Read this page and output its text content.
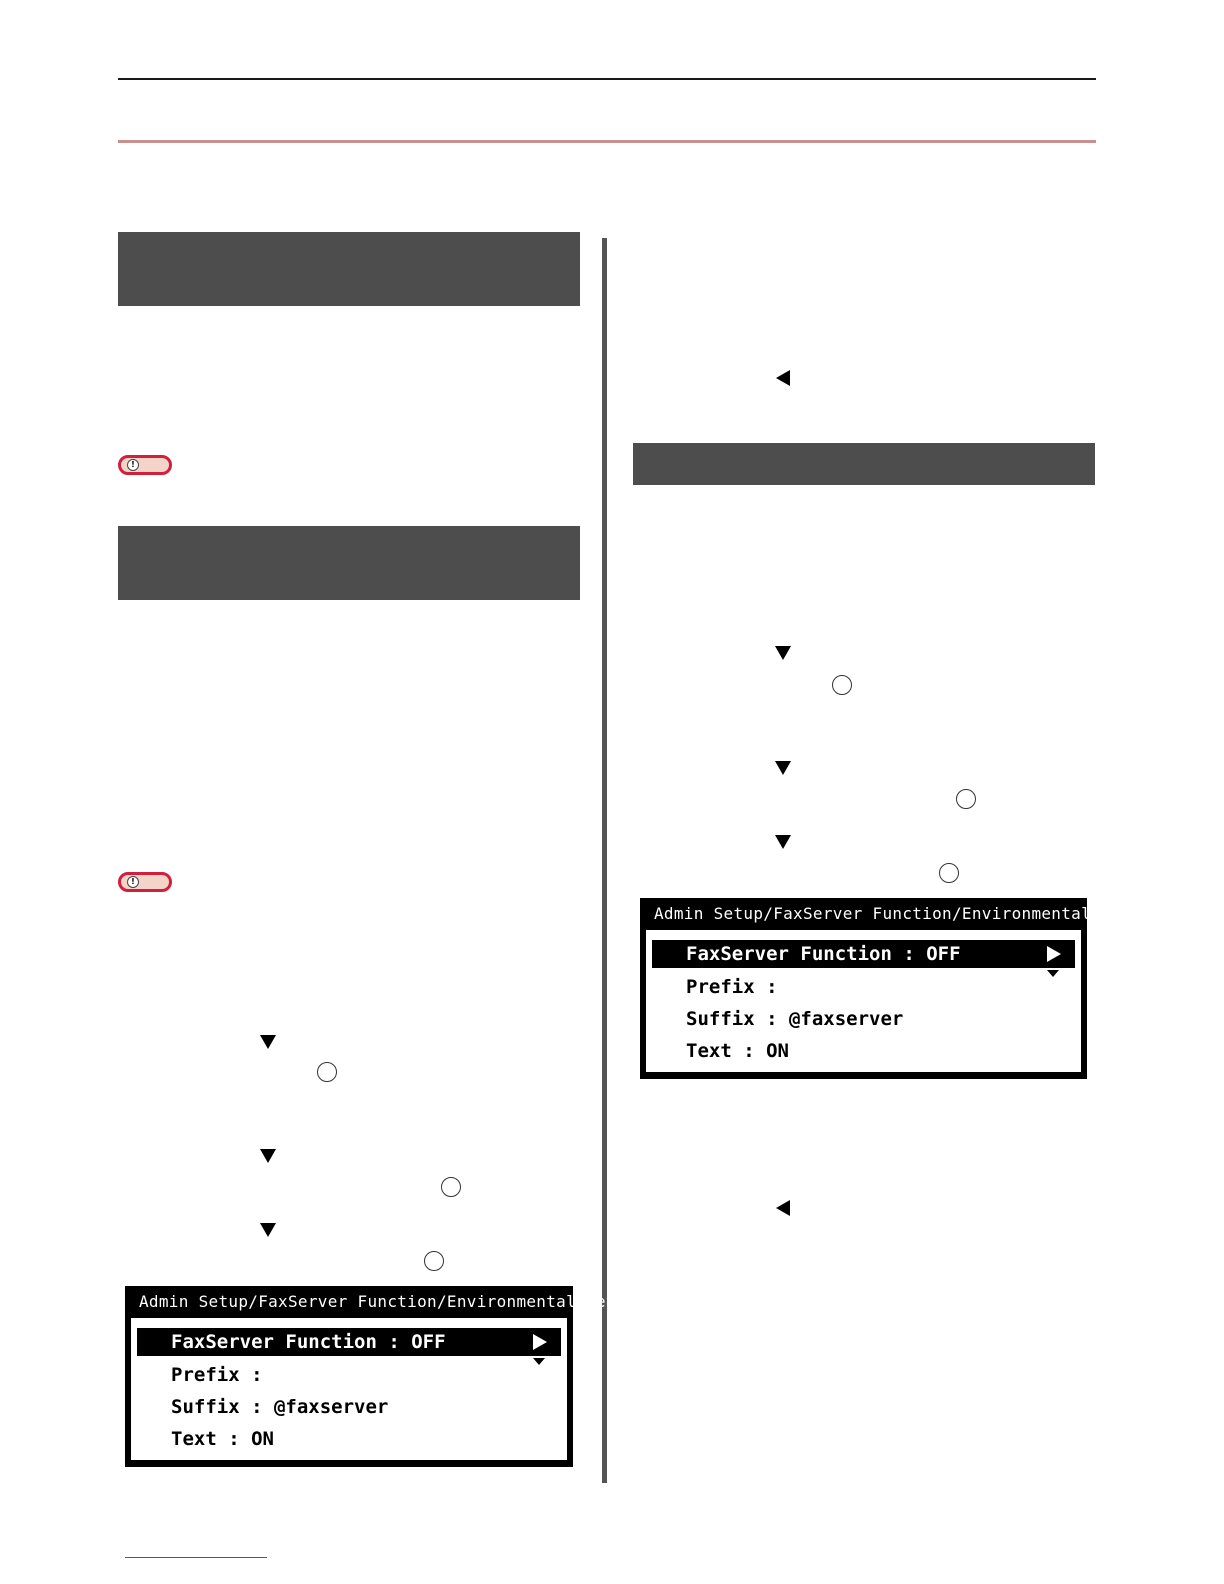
!
!
Admin Setup/FaxServer Function/Environmental sett...
FaxServer Function : OFF
Prefix :
Suffix : @faxserver
Text : ON
Admin Setup/FaxServer Function/Environmental sett...
FaxServer Function : OFF
Prefix :
Suffix : @faxserver
Text : ON
